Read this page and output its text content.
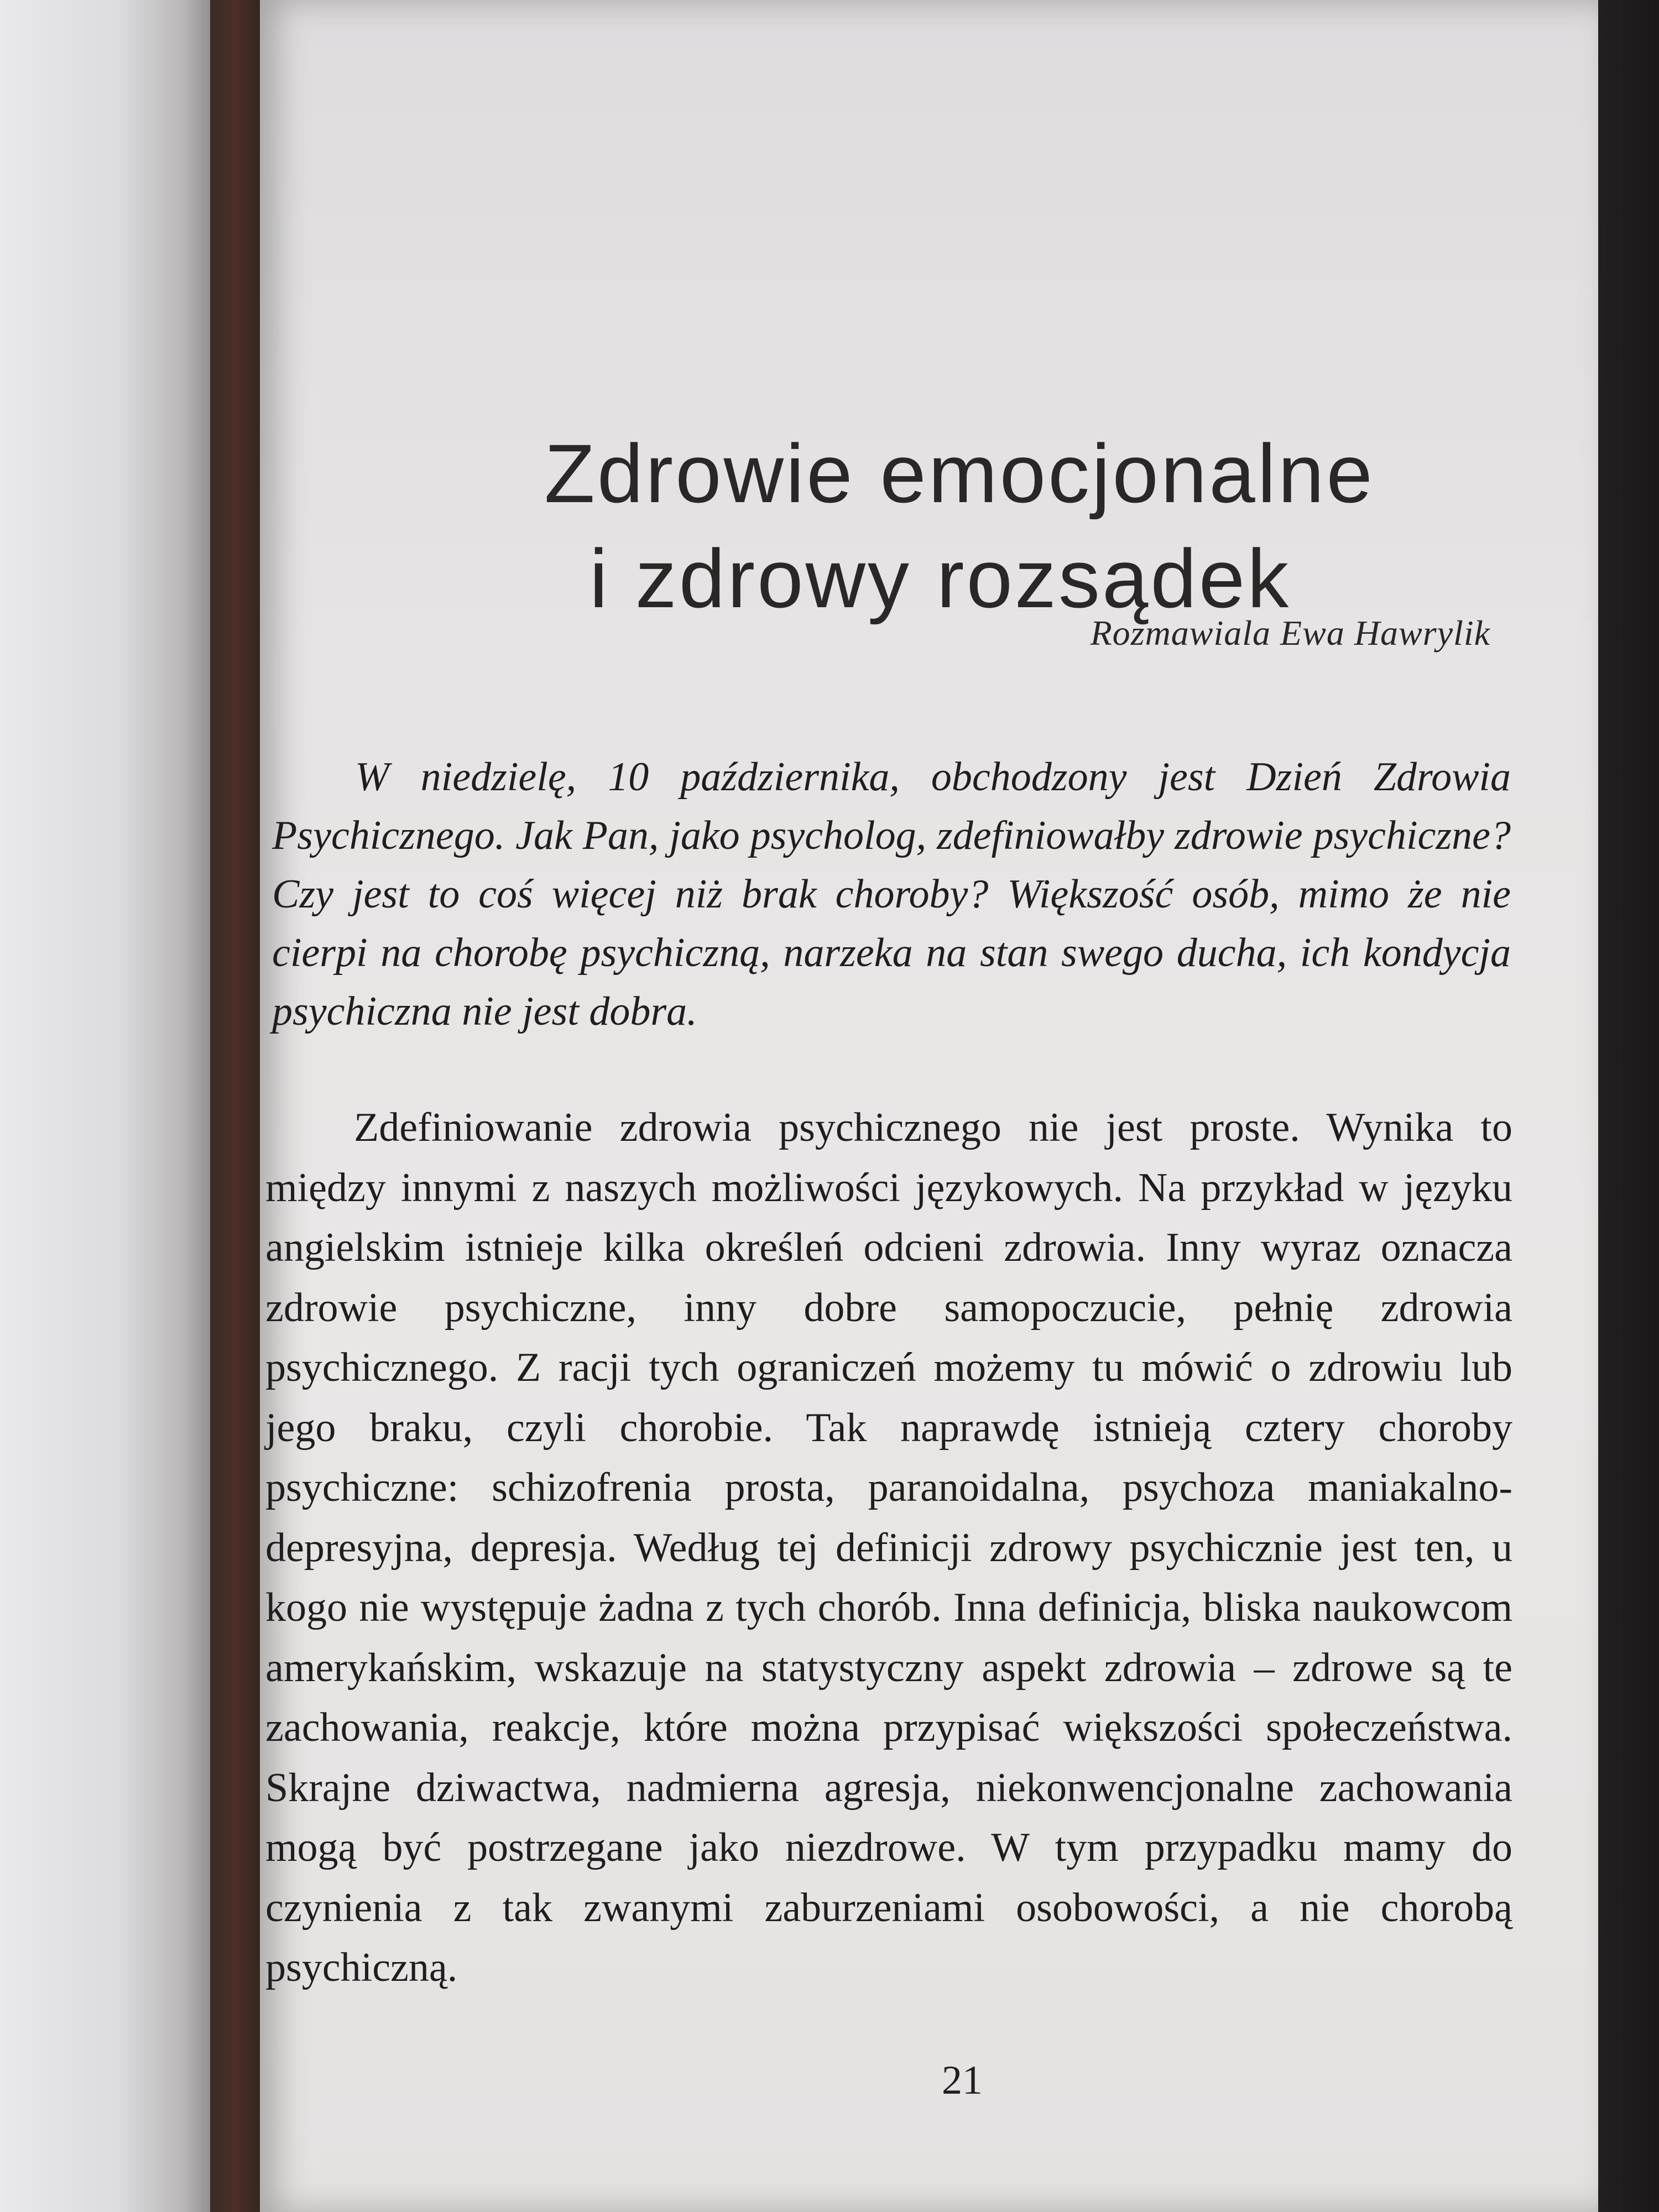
Zdrowie emocjonalne
i zdrowy rozsądek
Rozmawiala Ewa Hawrylik

W niedzielę, 10 października, obchodzony jest Dzień Zdrowia Psychicznego. Jak Pan, jako psycholog, zdefiniowałby zdrowie psychiczne? Czy jest to coś więcej niż brak choroby? Większość osób, mimo że nie cierpi na chorobę psychiczną, narzeka na stan swego ducha, ich kondycja psychiczna nie jest dobra.

Zdefiniowanie zdrowia psychicznego nie jest proste. Wynika to między innymi z naszych możliwości językowych. Na przykład w języku angielskim istnieje kilka określeń odcieni zdrowia. Inny wyraz oznacza zdrowie psychiczne, inny dobre samopoczucie, pełnię zdrowia psychicznego. Z racji tych ograniczeń możemy tu mówić o zdrowiu lub jego braku, czyli chorobie. Tak naprawdę istnieją cztery choroby psychiczne: schizofrenia prosta, paranoidalna, psychoza maniakalno-depresyjna, depresja. Według tej definicji zdrowy psychicznie jest ten, u kogo nie występuje żadna z tych chorób. Inna definicja, bliska naukowcom amerykańskim, wskazuje na statystyczny aspekt zdrowia – zdrowe są te zachowania, reakcje, które można przypisać większości społeczeństwa. Skrajne dziwactwa, nadmierna agresja, niekonwencjonalne zachowania mogą być postrzegane jako niezdrowe. W tym przypadku mamy do czynienia z tak zwanymi zaburzeniami osobowości, a nie chorobą psychiczną.

21
